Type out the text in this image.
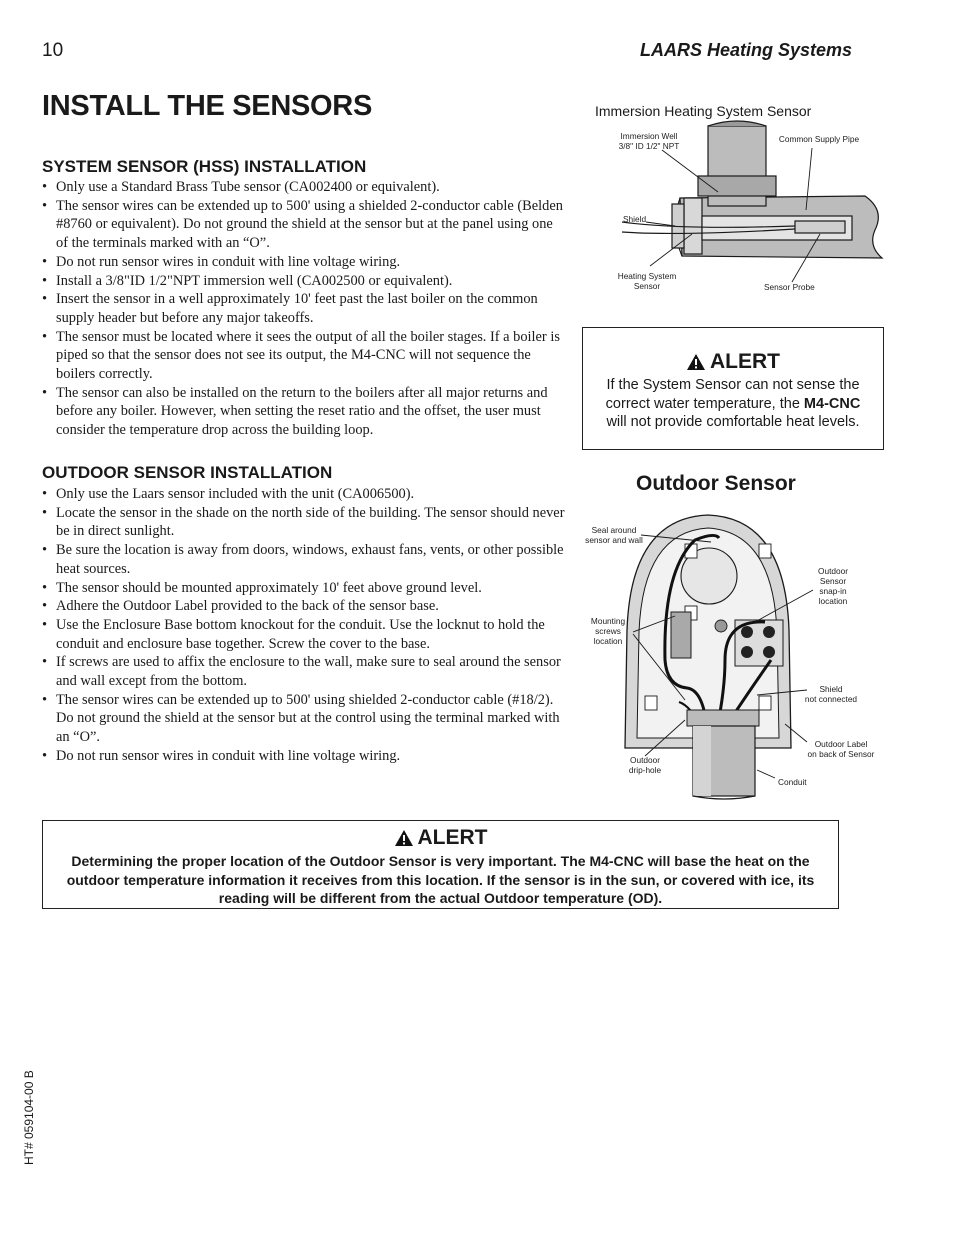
10	LAARS Heating Systems
INSTALL THE SENSORS
SYSTEM SENSOR (HSS) INSTALLATION
• Only use a Standard Brass Tube sensor (CA002400 or equivalent).
• The sensor wires can be extended up to 500' using a shielded 2-conductor cable (Belden #8760 or equivalent). Do not ground the shield at the sensor but at the panel using one of the terminals marked with an “O”.
• Do not run sensor wires in conduit with line voltage wiring.
• Install a 3/8"ID 1/2"NPT immersion well (CA002500 or equivalent).
• Insert the sensor in a well approximately 10' feet past the last boiler on the common supply header but before any major takeoffs.
• The sensor must be located where it sees the output of all the boiler stages. If a boiler is piped so that the sensor does not see its output, the M4-CNC will not sequence the boilers correctly.
• The sensor can also be installed on the return to the boilers after all major returns and before any boiler. However, when setting the reset ratio and the offset, the user must consider the temperature drop across the building loop.
OUTDOOR SENSOR INSTALLATION
• Only use the Laars sensor included with the unit (CA006500).
• Locate the sensor in the shade on the north side of the building. The sensor should never be in direct sunlight.
• Be sure the location is away from doors, windows, exhaust fans, vents, or other possible heat sources.
• The sensor should be mounted approximately 10' feet above ground level.
• Adhere the Outdoor Label provided to the back of the sensor base.
• Use the Enclosure Base bottom knockout for the conduit. Use the locknut to hold the conduit and enclosure base together. Screw the cover to the base.
• If screws are used to affix the enclosure to the wall, make sure to seal around the sensor and wall except from the bottom.
• The sensor wires can be extended up to 500' using shielded 2-conductor cable (#18/2). Do not ground the shield at the sensor but at the control using the terminal marked with an “O”.
• Do not run sensor wires in conduit with line voltage wiring.
Immersion Heating System Sensor
Immersion Well
3/8" ID 1/2" NPT
Common Supply Pipe
Shield
Heating System
Sensor	Sensor Probe
ALERT
If the System Sensor can not sense the correct water temperature, the M4-CNC will not provide comfortable heat levels.
Outdoor Sensor
Seal around
sensor and wall
Outdoor
Sensor
snap-in
location
Mounting
screws
location
Shield
not connected
Outdoor Label
on back of Sensor
Outdoor
drip-hole
Conduit
ALERT
Determining the proper location of the Outdoor Sensor is very important. The M4-CNC will base the heat on the outdoor temperature information it receives from this location. If the sensor is in the sun, or covered with ice, its reading will be different from the actual Outdoor temperature (OD).
HT# 059104-00 B
